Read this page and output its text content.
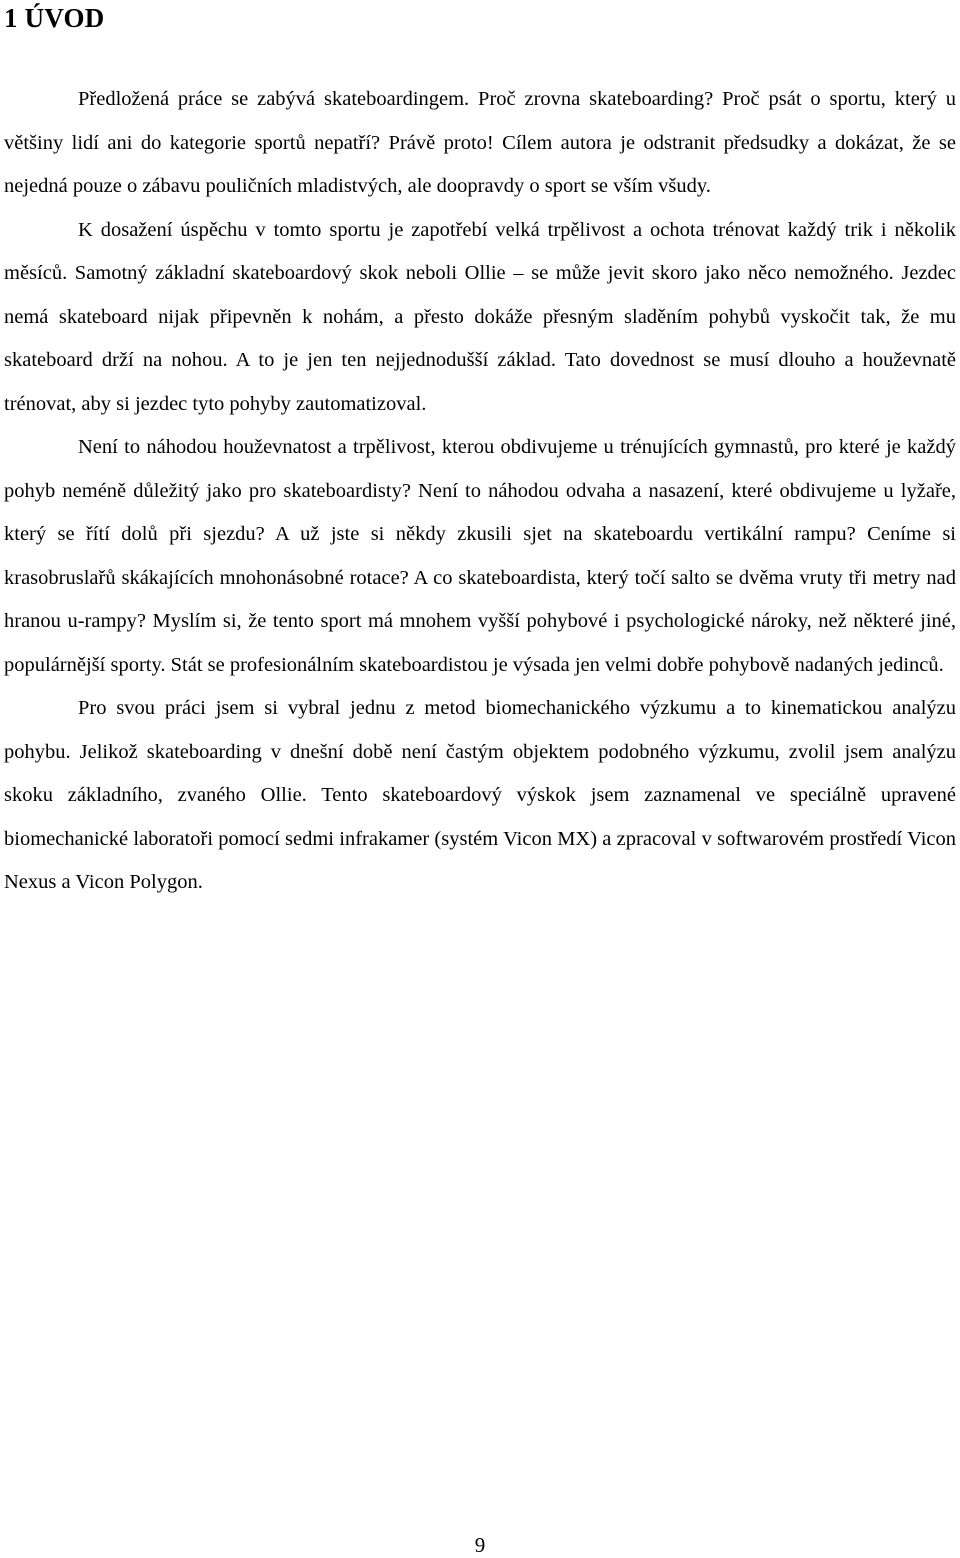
1 ÚVOD

Předložená práce se zabývá skateboardingem. Proč zrovna skateboarding? Proč psát o sportu, který u většiny lidí ani do kategorie sportů nepatří? Právě proto! Cílem autora je odstranit předsudky a dokázat, že se nejedná pouze o zábavu pouličních mladistvých, ale doopravdy o sport se vším všudy.

K dosažení úspěchu v tomto sportu je zapotřebí velká trpělivost a ochota trénovat každý trik i několik měsíců. Samotný základní skateboardový skok neboli Ollie – se může jevit skoro jako něco nemožného. Jezdec nemá skateboard nijak připevněn k nohám, a přesto dokáže přesným sladěním pohybů vyskočit tak, že mu skateboard drží na nohou. A to je jen ten nejjednodušší základ. Tato dovednost se musí dlouho a houževnatě trénovat, aby si jezdec tyto pohyby zautomatizoval.

Není to náhodou houževnatost a trpělivost, kterou obdivujeme u trénujících gymnastů, pro které je každý pohyb neméně důležitý jako pro skateboardisty? Není to náhodou odvaha a nasazení, které obdivujeme u lyžaře, který se řítí dolů při sjezdu? A už jste si někdy zkusili sjet na skateboardu vertikální rampu? Ceníme si krasobruslařů skákajících mnohonásobné rotace? A co skateboardista, který točí salto se dvěma vruty tři metry nad hranou u-rampy? Myslím si, že tento sport má mnohem vyšší pohybové i psychologické nároky, než některé jiné, populárnější sporty. Stát se profesionálním skateboardistou je výsada jen velmi dobře pohybově nadaných jedinců.

Pro svou práci jsem si vybral jednu z metod biomechanického výzkumu a to kinematickou analýzu pohybu. Jelikož skateboarding v dnešní době není častým objektem podobného výzkumu, zvolil jsem analýzu skoku základního, zvaného Ollie. Tento skateboardový výskok jsem zaznamenal ve speciálně upravené biomechanické laboratoři pomocí sedmi infrakamer (systém Vicon MX) a zpracoval v softwarovém prostředí Vicon Nexus a Vicon Polygon.

9
